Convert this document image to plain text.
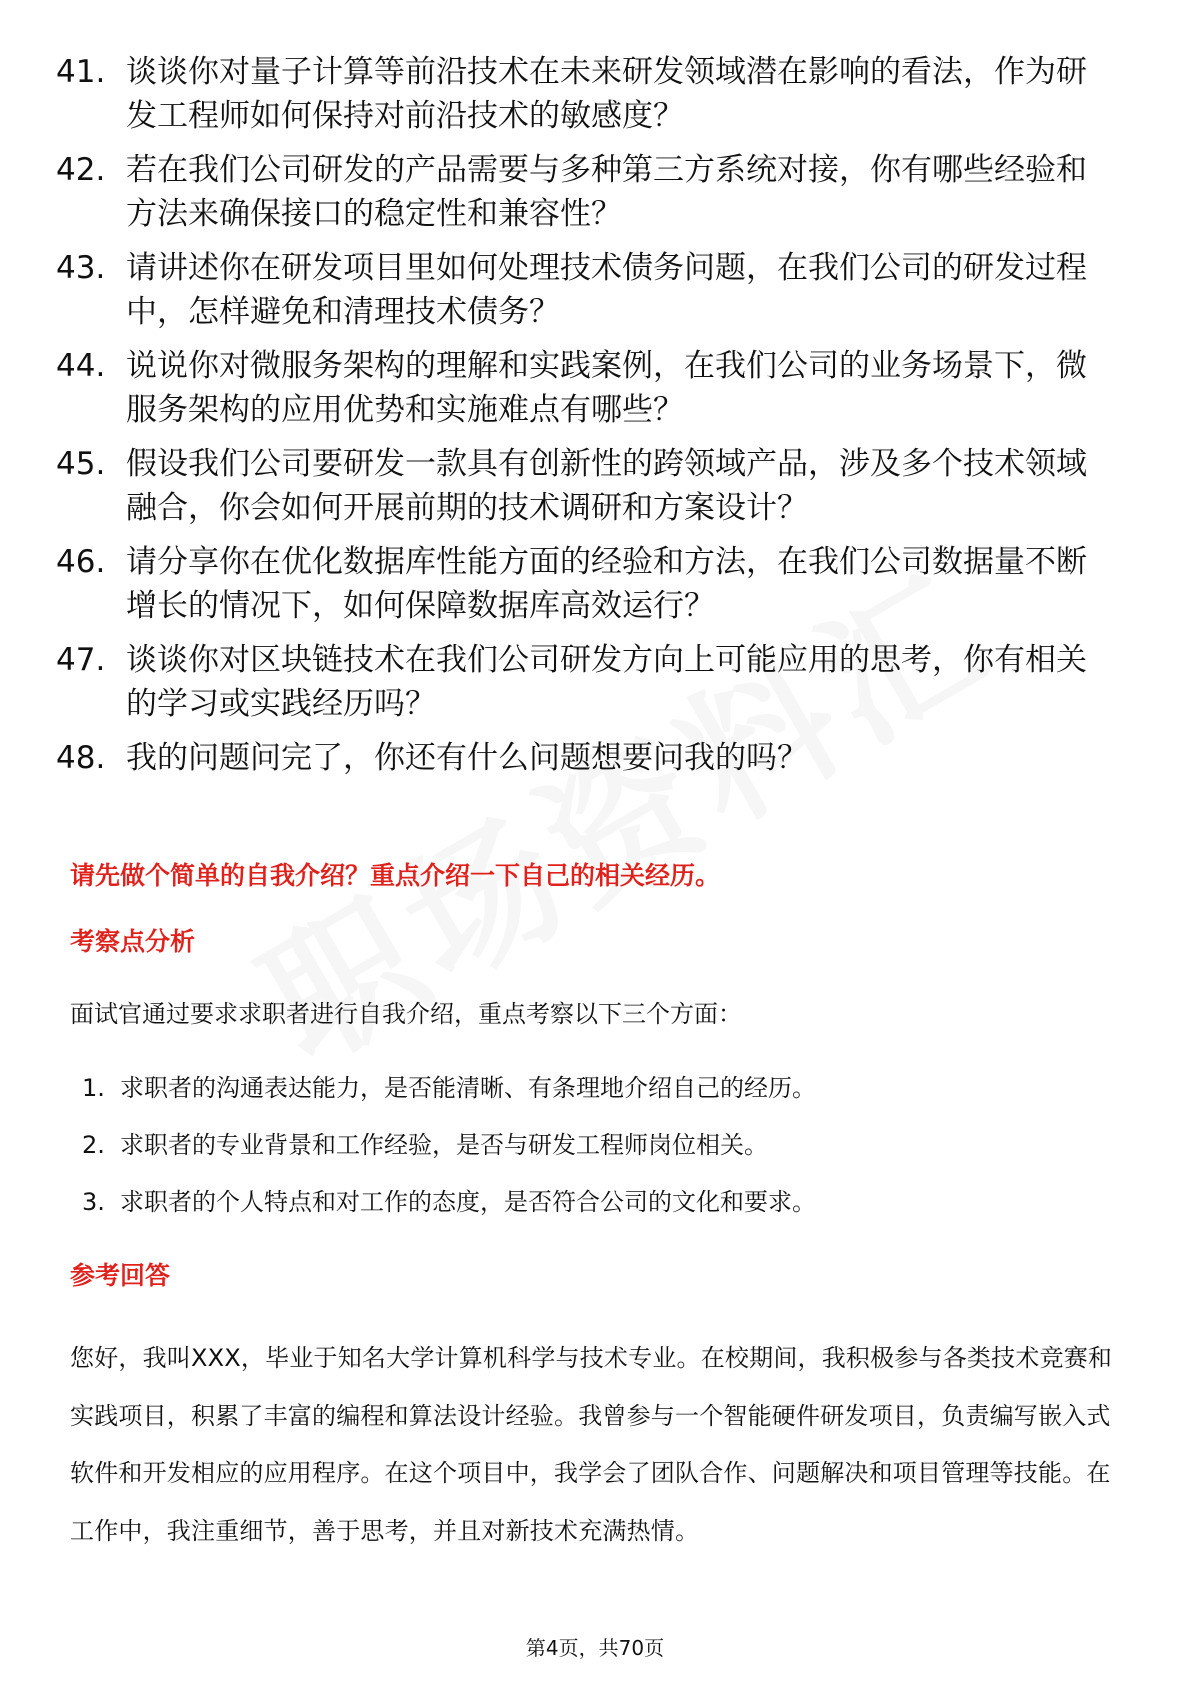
41. 谈谈你对量子计算等前沿技术在未来研发领域潜在影响的看法，作为研发工程师如何保持对前沿技术的敏感度？
42. 若在我们公司研发的产品需要与多种第三方系统对接，你有哪些经验和方法来确保接口的稳定性和兼容性？
43. 请讲述你在研发项目里如何处理技术债务问题，在我们公司的研发过程中，怎样避免和清理技术债务？
44. 说说你对微服务架构的理解和实践案例，在我们公司的业务场景下，微服务架构的应用优势和实施难点有哪些？
45. 假设我们公司要研发一款具有创新性的跨领域产品，涉及多个技术领域融合，你会如何开展前期的技术调研和方案设计？
46. 请分享你在优化数据库性能方面的经验和方法，在我们公司数据量不断增长的情况下，如何保障数据库高效运行？
47. 谈谈你对区块链技术在我们公司研发方向上可能应用的思考，你有相关的学习或实践经历吗？
48. 我的问题问完了，你还有什么问题想要问我的吗？

请先做个简单的自我介绍？重点介绍一下自己的相关经历。

考察点分析

面试官通过要求求职者进行自我介绍，重点考察以下三个方面：

1. 求职者的沟通表达能力，是否能清晰、有条理地介绍自己的经历。
2. 求职者的专业背景和工作经验，是否与研发工程师岗位相关。
3. 求职者的个人特点和对工作的态度，是否符合公司的文化和要求。

参考回答

您好，我叫XXX，毕业于知名大学计算机科学与技术专业。在校期间，我积极参与各类技术竞赛和实践项目，积累了丰富的编程和算法设计经验。我曾参与一个智能硬件研发项目，负责编写嵌入式软件和开发相应的应用程序。在这个项目中，我学会了团队合作、问题解决和项目管理等技能。在工作中，我注重细节，善于思考，并且对新技术充满热情。

第4页，共70页
